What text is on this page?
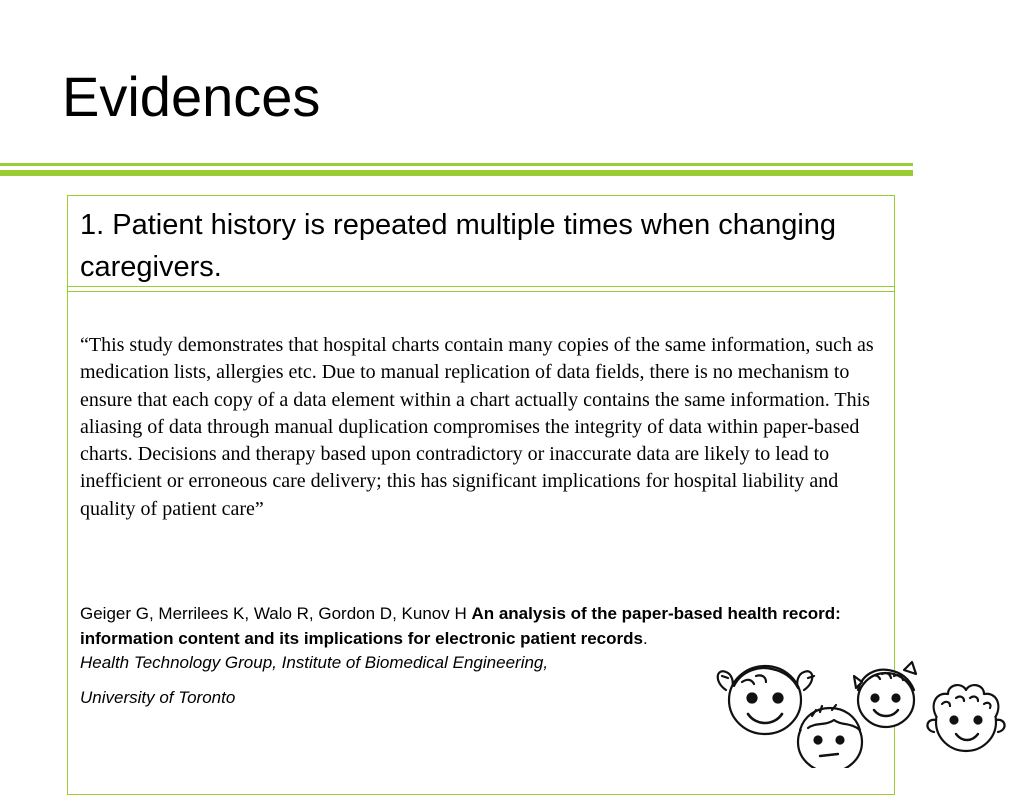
Evidences

1. Patient history is repeated multiple times when changing caregivers.

“This study demonstrates that hospital charts contain many copies of the same information, such as medication lists, allergies etc. Due to manual replication of data fields, there is no mechanism to ensure that each copy of a data element within a chart actually contains the same information. This aliasing of data through manual duplication compromises the integrity of data within paper-based charts. Decisions and therapy based upon contradictory or inaccurate data are likely to lead to inefficient or erroneous care delivery; this has significant implications for hospital liability and quality of patient care”

Geiger G, Merrilees K, Walo R, Gordon D, Kunov H An analysis of the paper-based health record: information content and its implications for electronic patient records.
Health Technology Group, Institute of Biomedical Engineering,

University of Toronto
